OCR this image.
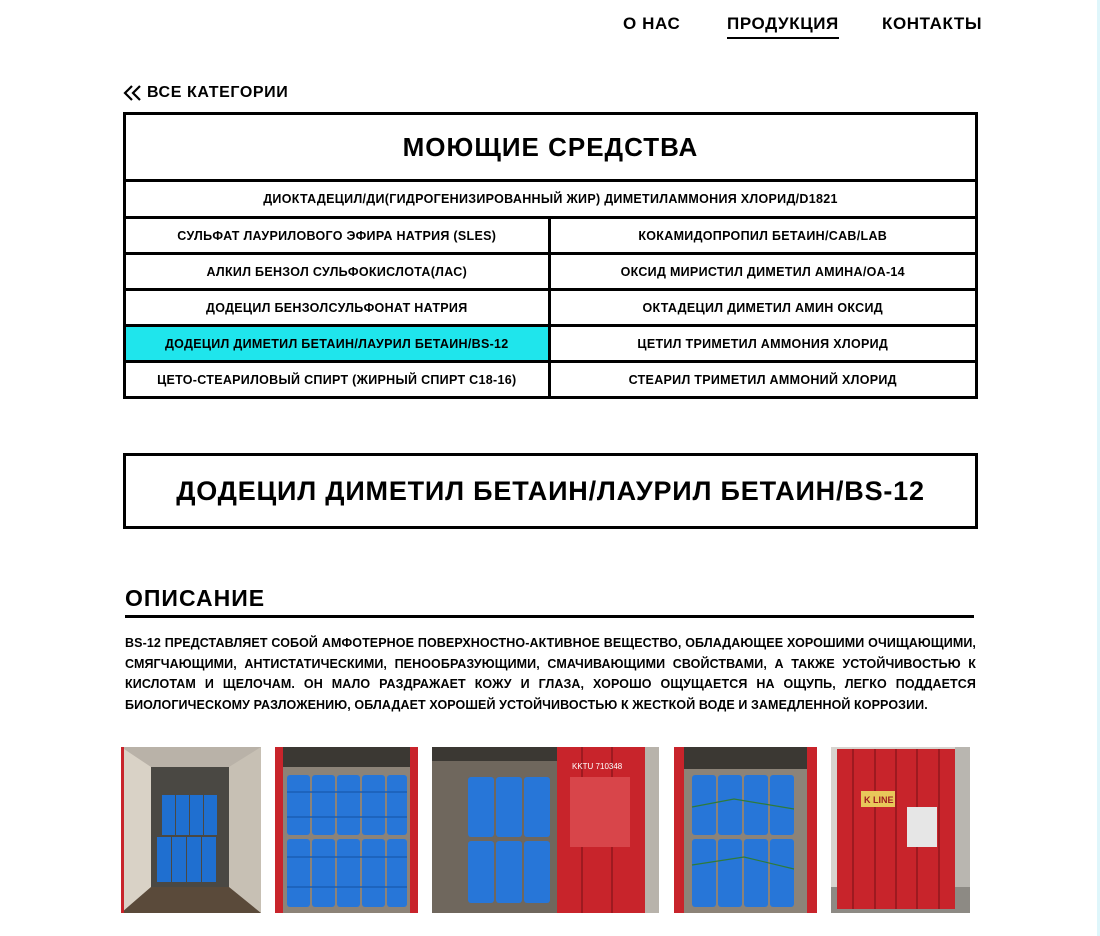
О НАС	ПРОДУКЦИЯ	КОНТАКТЫ
ВСЕ КАТЕГОРИИ
МОЮЩИЕ СРЕДСТВА
ДИОКТАДЕЦИЛ/ДИ(ГИДРОГЕНИЗИРОВАННЫЙ ЖИР) ДИМЕТИЛАММОНИЯ ХЛОРИД/D1821
СУЛЬФАТ ЛАУРИЛОВОГО ЭФИРА НАТРИЯ (SLES)	КОКАМИДОПРОПИЛ БЕТАИН/CAB/LAB
АЛКИЛ БЕНЗОЛ СУЛЬФОКИСЛОТА(ЛАС)	ОКСИД МИРИСТИЛ ДИМЕТИЛ АМИНА/OA-14
ДОДЕЦИЛ БЕНЗОЛСУЛЬФОНАТ НАТРИЯ	ОКТАДЕЦИЛ ДИМЕТИЛ АМИН ОКСИД
ДОДЕЦИЛ ДИМЕТИЛ БЕТАИН/ЛАУРИЛ БЕТАИН/BS-12	ЦЕТИЛ ТРИМЕТИЛ АММОНИЯ ХЛОРИД
ЦЕТО-СТЕАРИЛОВЫЙ СПИРТ (ЖИРНЫЙ СПИРТ C18-16)	СТЕАРИЛ ТРИМЕТИЛ АММОНИЙ ХЛОРИД
ДОДЕЦИЛ ДИМЕТИЛ БЕТАИН/ЛАУРИЛ БЕТАИН/BS-12
ОПИСАНИЕ
BS-12 ПРЕДСТАВЛЯЕТ СОБОЙ АМФОТЕРНОЕ ПОВЕРХНОСТНО-АКТИВНОЕ ВЕЩЕСТВО, ОБЛАДАЮЩЕЕ ХОРОШИМИ ОЧИЩАЮЩИМИ, СМЯГЧАЮЩИМИ, АНТИСТАТИЧЕСКИМИ, ПЕНООБРАЗУЮЩИМИ, СМАЧИВАЮЩИМИ СВОЙСТВАМИ, А ТАКЖЕ УСТОЙЧИВОСТЬЮ К КИСЛОТАМ И ЩЕЛОЧАМ. ОН МАЛО РАЗДРАЖАЕТ КОЖУ И ГЛАЗА, ХОРОШО ОЩУЩАЕТСЯ НА ОЩУПЬ, ЛЕГКО ПОДДАЕТСЯ БИОЛОГИЧЕСКОМУ РАЗЛОЖЕНИЮ, ОБЛАДАЕТ ХОРОШЕЙ УСТОЙЧИВОСТЬЮ К ЖЕСТКОЙ ВОДЕ И ЗАМЕДЛЕННОЙ КОРРОЗИИ.
KKTU 710348
K LINE
